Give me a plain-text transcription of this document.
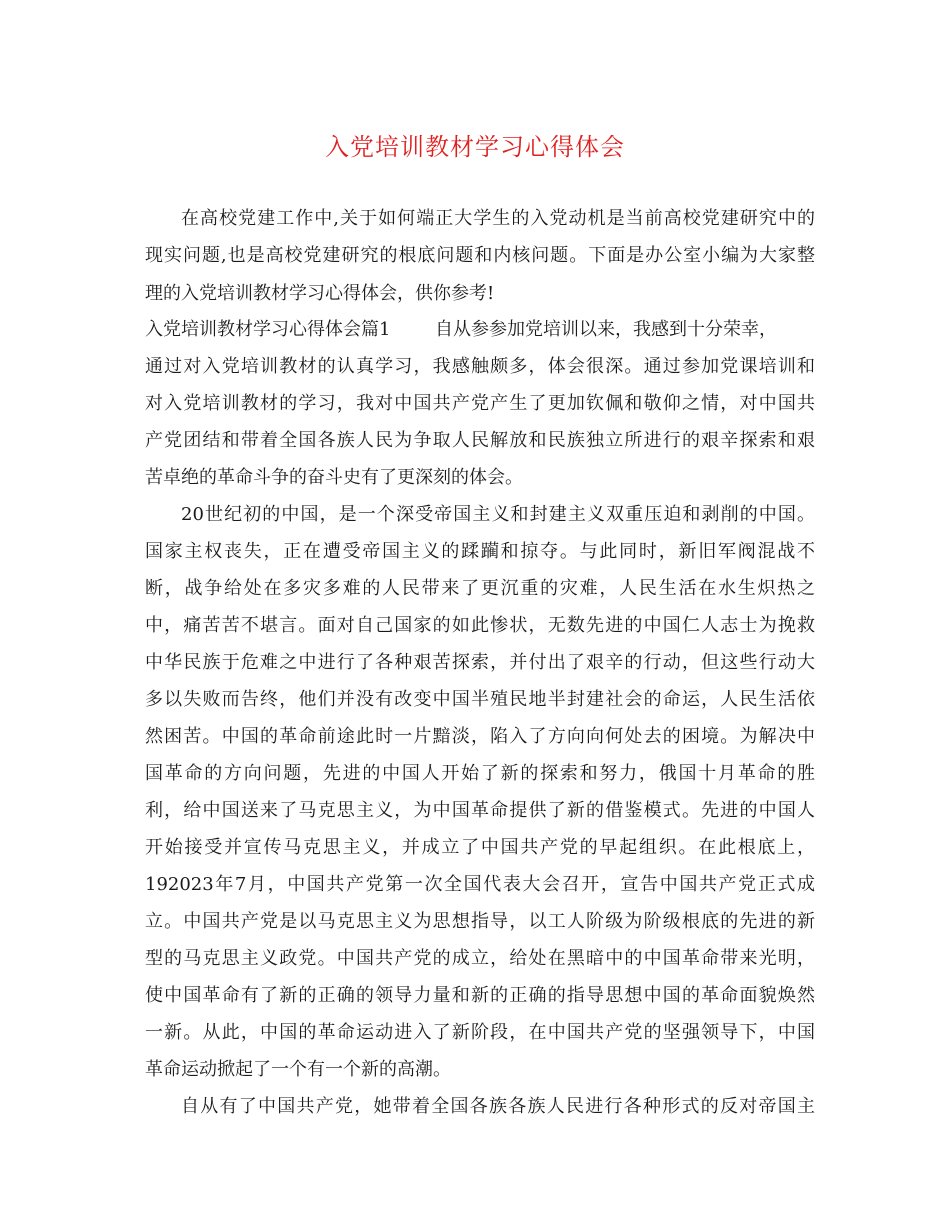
入党培训教材学习心得体会
在高校党建工作中,关于如何端正大学生的入党动机是当前高校党建研究中的
现实问题,也是高校党建研究的根底问题和内核问题。下面是办公室小编为大家整
理的入党培训教材学习心得体会，供你参考!
入党培训教材学习心得体会篇1 自从参参加党培训以来，我感到十分荣幸，
通过对入党培训教材的认真学习，我感触颇多，体会很深。通过参加党课培训和
对入党培训教材的学习，我对中国共产党产生了更加钦佩和敬仰之情，对中国共
产党团结和带着全国各族人民为争取人民解放和民族独立所进行的艰辛探索和艰
苦卓绝的革命斗争的奋斗史有了更深刻的体会。
20世纪初的中国，是一个深受帝国主义和封建主义双重压迫和剥削的中国。
国家主权丧失，正在遭受帝国主义的蹂躏和掠夺。与此同时，新旧军阀混战不
断，战争给处在多灾多难的人民带来了更沉重的灾难，人民生活在水生炽热之
中，痛苦苦不堪言。面对自己国家的如此惨状，无数先进的中国仁人志士为挽救
中华民族于危难之中进行了各种艰苦探索，并付出了艰辛的行动，但这些行动大
多以失败而告终，他们并没有改变中国半殖民地半封建社会的命运，人民生活依
然困苦。中国的革命前途此时一片黯淡，陷入了方向向何处去的困境。为解决中
国革命的方向问题，先进的中国人开始了新的探索和努力，俄国十月革命的胜
利，给中国送来了马克思主义，为中国革命提供了新的借鉴模式。先进的中国人
开始接受并宣传马克思主义，并成立了中国共产党的早起组织。在此根底上，
192023年7月，中国共产党第一次全国代表大会召开，宣告中国共产党正式成
立。中国共产党是以马克思主义为思想指导，以工人阶级为阶级根底的先进的新
型的马克思主义政党。中国共产党的成立，给处在黑暗中的中国革命带来光明，
使中国革命有了新的正确的领导力量和新的正确的指导思想中国的革命面貌焕然
一新。从此，中国的革命运动进入了新阶段，在中国共产党的坚强领导下，中国
革命运动掀起了一个有一个新的高潮。
自从有了中国共产党，她带着全国各族各族人民进行各种形式的反对帝国主
